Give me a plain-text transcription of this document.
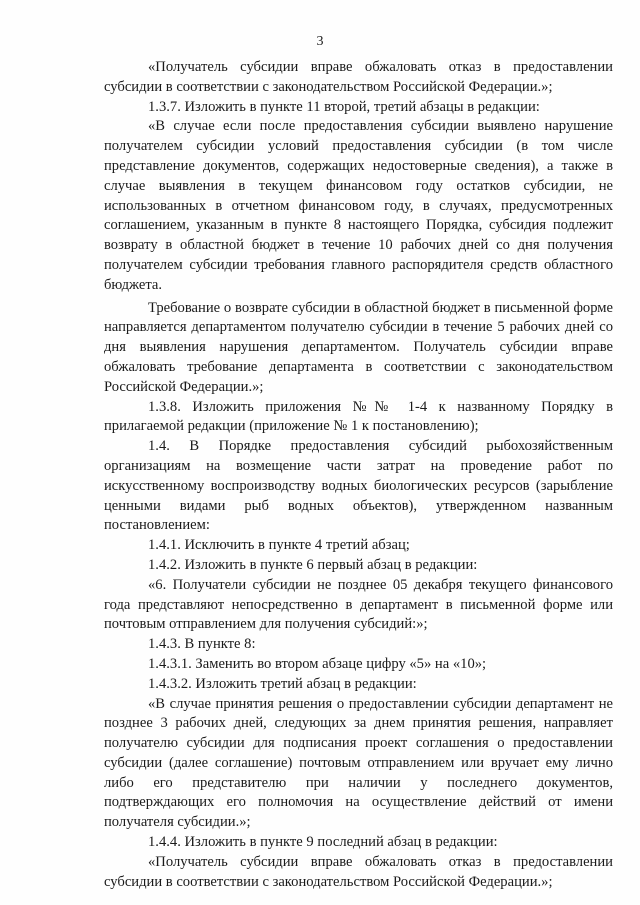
3

«Получатель субсидии вправе обжаловать отказ в предоставлении субсидии в соответствии с законодательством Российской Федерации.»;

1.3.7. Изложить в пункте 11 второй, третий абзацы в редакции:

«В случае если после предоставления субсидии выявлено нарушение получателем субсидии условий предоставления субсидии (в том числе представление документов, содержащих недостоверные сведения), а также в случае выявления в текущем финансовом году остатков субсидии, не использованных в отчетном финансовом году, в случаях, предусмотренных соглашением, указанным в пункте 8 настоящего Порядка, субсидия подлежит возврату в областной бюджет в течение 10 рабочих дней со дня получения получателем субсидии требования главного распорядителя средств областного бюджета.

Требование о возврате субсидии в областной бюджет в письменной форме направляется департаментом получателю субсидии в течение 5 рабочих дней со дня выявления нарушения департаментом. Получатель субсидии вправе обжаловать требование департамента в соответствии с законодательством Российской Федерации.»;

1.3.8. Изложить приложения №№ 1-4 к названному Порядку в прилагаемой редакции (приложение № 1 к постановлению);

1.4. В Порядке предоставления субсидий рыбохозяйственным организациям на возмещение части затрат на проведение работ по искусственному воспроизводству водных биологических ресурсов (зарыбление ценными видами рыб водных объектов), утвержденном названным постановлением:

1.4.1. Исключить в пункте 4 третий абзац;

1.4.2. Изложить в пункте 6 первый абзац в редакции:

«6. Получатели субсидии не позднее 05 декабря текущего финансового года представляют непосредственно в департамент в письменной форме или почтовым отправлением для получения субсидий:»;

1.4.3. В пункте 8:

1.4.3.1. Заменить во втором абзаце цифру «5» на «10»;

1.4.3.2. Изложить третий абзац в редакции:

«В случае принятия решения о предоставлении субсидии департамент не позднее 3 рабочих дней, следующих за днем принятия решения, направляет получателю субсидии для подписания проект соглашения о предоставлении субсидии (далее соглашение) почтовым отправлением или вручает ему лично либо его представителю при наличии у последнего документов, подтверждающих его полномочия на осуществление действий от имени получателя субсидии.»;

1.4.4. Изложить в пункте 9 последний абзац в редакции:

«Получатель субсидии вправе обжаловать отказ в предоставлении субсидии в соответствии с законодательством Российской Федерации.»;
